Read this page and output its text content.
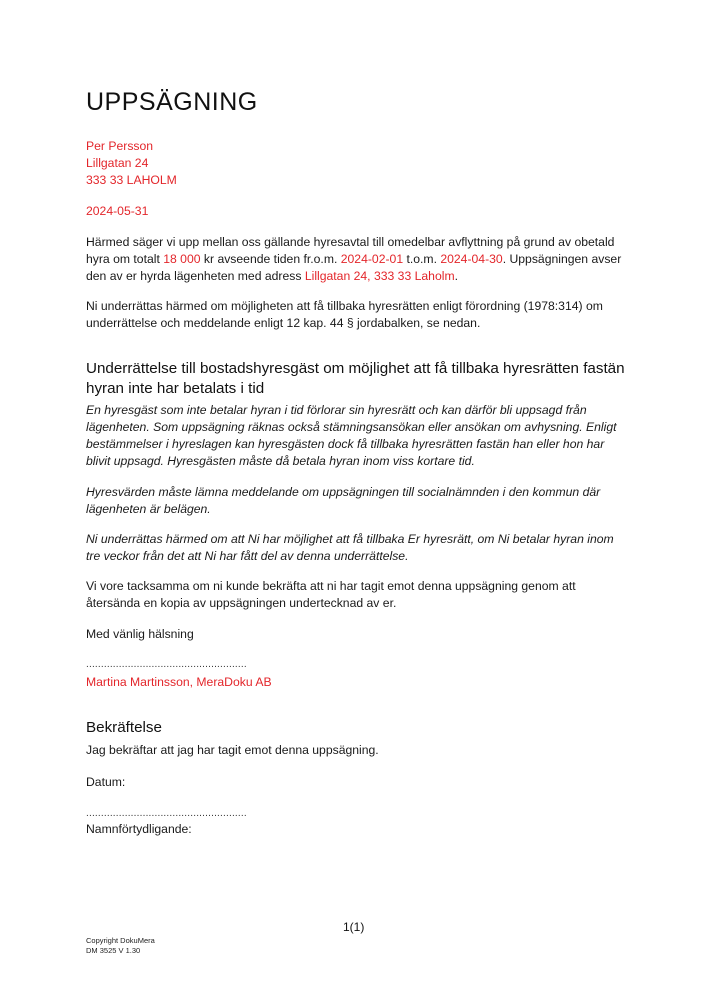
UPPSÄGNING
Per Persson
Lillgatan 24
333 33 LAHOLM
2024-05-31

Härmed säger vi upp mellan oss gällande hyresavtal till omedelbar avflyttning på grund av obetald hyra om totalt 18 000 kr avseende tiden fr.o.m. 2024-02-01 t.o.m. 2024-04-30. Uppsägningen avser den av er hyrda lägenheten med adress Lillgatan 24, 333 33 Laholm.

Ni underrättas härmed om möjligheten att få tillbaka hyresrätten enligt förordning (1978:314) om underrättelse och meddelande enligt 12 kap. 44 § jordabalken, se nedan.

Underrättelse till bostadshyresgäst om möjlighet att få tillbaka hyresrätten fastän hyran inte har betalats i tid

En hyresgäst som inte betalar hyran i tid förlorar sin hyresrätt och kan därför bli uppsagd från lägenheten. Som uppsägning räknas också stämningsansökan eller ansökan om avhysning. Enligt bestämmelser i hyreslagen kan hyresgästen dock få tillbaka hyresrätten fastän han eller hon har blivit uppsagd. Hyresgästen måste då betala hyran inom viss kortare tid.

Hyresvärden måste lämna meddelande om uppsägningen till socialnämnden i den kommun där lägenheten är belägen.

Ni underrättas härmed om att Ni har möjlighet att få tillbaka Er hyresrätt, om Ni betalar hyran inom tre veckor från det att Ni har fått del av denna underrättelse.

Vi vore tacksamma om ni kunde bekräfta att ni har tagit emot denna uppsägning genom att återsända en kopia av uppsägningen undertecknad av er.

Med vänlig hälsning

......................................................

Martina Martinsson, MeraDoku AB

Bekräftelse

Jag bekräftar att jag har tagit emot denna uppsägning.

Datum:

......................................................

Namnförtydligande:

Copyright DokuMera
DM 3525 V 1.30
1(1)
